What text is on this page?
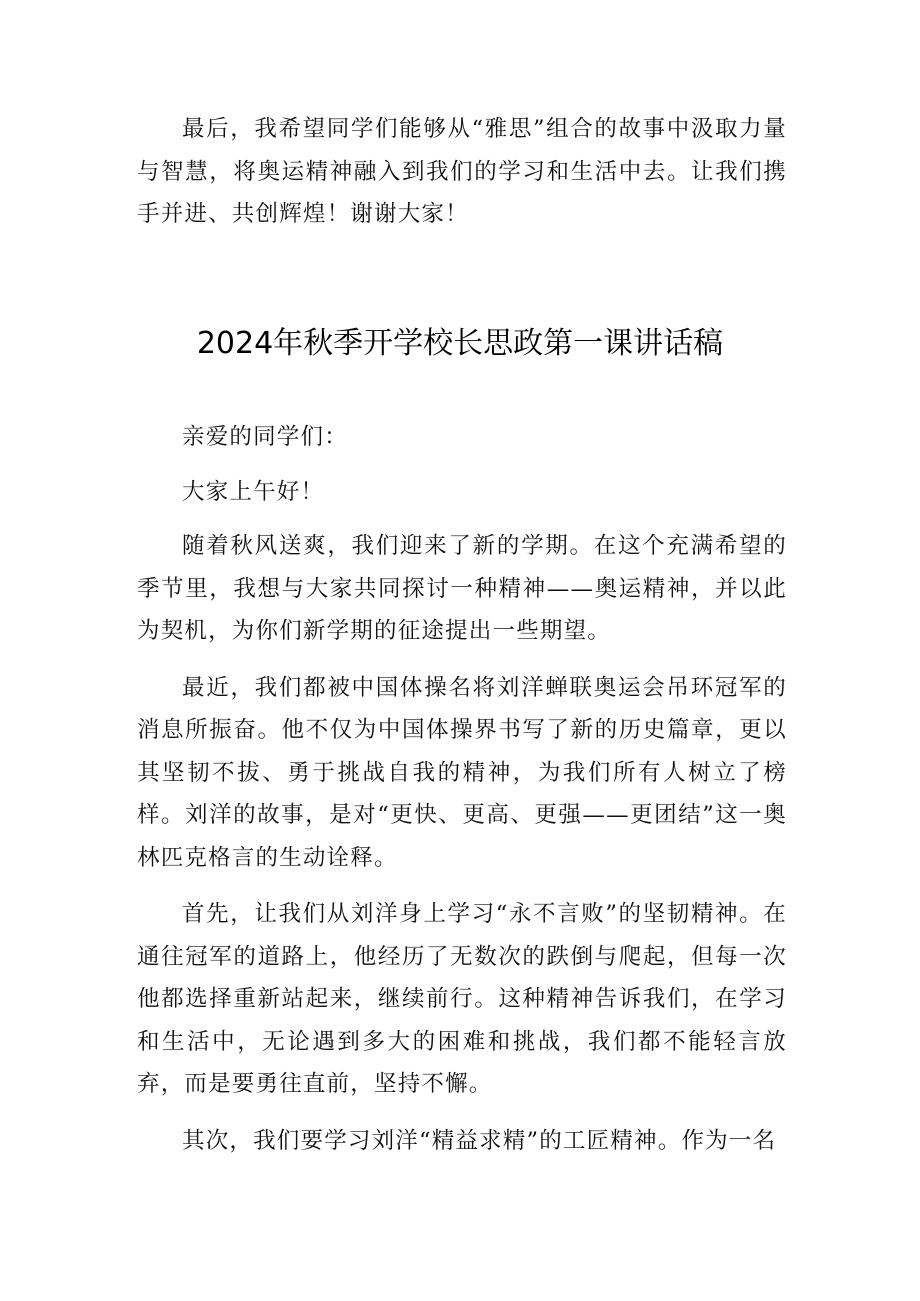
最后，我希望同学们能够从“雅思”组合的故事中汲取力量与智慧，将奥运精神融入到我们的学习和生活中去。让我们携手并进、共创辉煌！谢谢大家！

2024年秋季开学校长思政第一课讲话稿

亲爱的同学们：

大家上午好！

随着秋风送爽，我们迎来了新的学期。在这个充满希望的季节里，我想与大家共同探讨一种精神——奥运精神，并以此为契机，为你们新学期的征途提出一些期望。

最近，我们都被中国体操名将刘洋蝉联奥运会吊环冠军的消息所振奋。他不仅为中国体操界书写了新的历史篇章，更以其坚韧不拔、勇于挑战自我的精神，为我们所有人树立了榜样。刘洋的故事，是对“更快、更高、更强——更团结”这一奥林匹克格言的生动诠释。

首先，让我们从刘洋身上学习“永不言败”的坚韧精神。在通往冠军的道路上，他经历了无数次的跌倒与爬起，但每一次他都选择重新站起来，继续前行。这种精神告诉我们，在学习和生活中，无论遇到多大的困难和挑战，我们都不能轻言放弃，而是要勇往直前，坚持不懈。

其次，我们要学习刘洋“精益求精”的工匠精神。作为一名
